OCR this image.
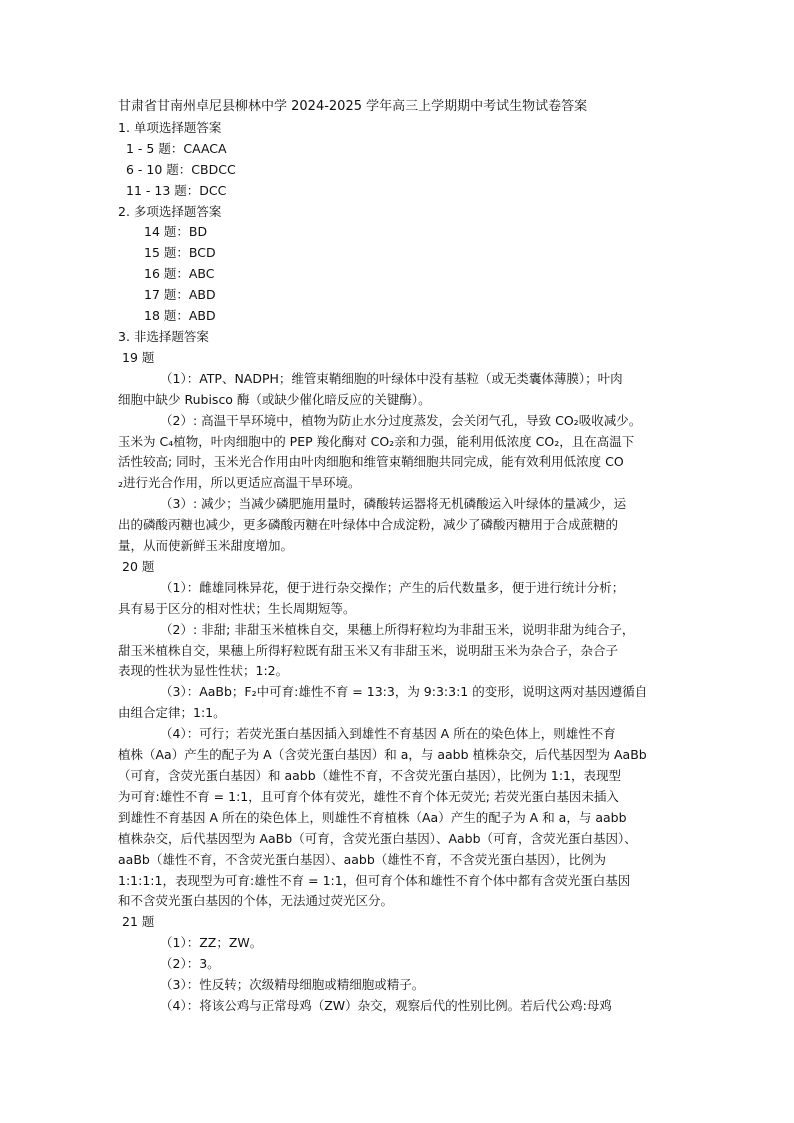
甘肃省甘南州卓尼县柳林中学 2024-2025 学年高三上学期期中考试生物试卷答案
1. 单项选择题答案
1 - 5 题：CAACA
6 - 10 题：CBDCC
11 - 13 题：DCC
2. 多项选择题答案
14 题：BD
15 题：BCD
16 题：ABC
17 题：ABD
18 题：ABD
3. 非选择题答案
19 题
（1）：ATP、NADPH；维管束鞘细胞的叶绿体中没有基粒（或无类囊体薄膜）；叶肉
细胞中缺少 Rubisco 酶（或缺少催化暗反应的关键酶）。
（2）: 高温干旱环境中，植物为防止水分过度蒸发，会关闭气孔，导致 CO₂吸收减少。
玉米为 C₄植物，叶肉细胞中的 PEP 羧化酶对 CO₂亲和力强，能利用低浓度 CO₂，且在高温下
活性较高; 同时，玉米光合作用由叶肉细胞和维管束鞘细胞共同完成，能有效利用低浓度 CO
₂进行光合作用，所以更适应高温干旱环境。
（3）: 减少；当减少磷肥施用量时，磷酸转运器将无机磷酸运入叶绿体的量减少，运
出的磷酸丙糖也减少，更多磷酸丙糖在叶绿体中合成淀粉，减少了磷酸丙糖用于合成蔗糖的
量，从而使新鲜玉米甜度增加。
20 题
（1）：雌雄同株异花，便于进行杂交操作；产生的后代数量多，便于进行统计分析；
具有易于区分的相对性状；生长周期短等。
（2）: 非甜; 非甜玉米植株自交，果穗上所得籽粒均为非甜玉米，说明非甜为纯合子，
甜玉米植株自交，果穗上所得籽粒既有甜玉米又有非甜玉米，说明甜玉米为杂合子，杂合子
表现的性状为显性性状；1:2。
（3）：AaBb；F₂中可育:雄性不育 = 13:3，为 9:3:3:1 的变形，说明这两对基因遵循自
由组合定律；1:1。
（4）：可行；若荧光蛋白基因插入到雄性不育基因 A 所在的染色体上，则雄性不育
植株（Aa）产生的配子为 A（含荧光蛋白基因）和 a，与 aabb 植株杂交，后代基因型为 AaBb
（可育，含荧光蛋白基因）和 aabb（雄性不育，不含荧光蛋白基因），比例为 1:1，表现型
为可育:雄性不育 = 1:1，且可育个体有荧光，雄性不育个体无荧光; 若荧光蛋白基因未插入
到雄性不育基因 A 所在的染色体上，则雄性不育植株（Aa）产生的配子为 A 和 a，与 aabb
植株杂交，后代基因型为 AaBb（可育，含荧光蛋白基因）、Aabb（可育，含荧光蛋白基因）、
aaBb（雄性不育，不含荧光蛋白基因）、aabb（雄性不育，不含荧光蛋白基因），比例为
1:1:1:1，表现型为可育:雄性不育 = 1:1，但可育个体和雄性不育个体中都有含荧光蛋白基因
和不含荧光蛋白基因的个体，无法通过荧光区分。
21 题
（1）：ZZ；ZW。
（2）：3。
（3）：性反转；次级精母细胞或精细胞或精子。
（4）：将该公鸡与正常母鸡（ZW）杂交，观察后代的性别比例。若后代公鸡:母鸡
